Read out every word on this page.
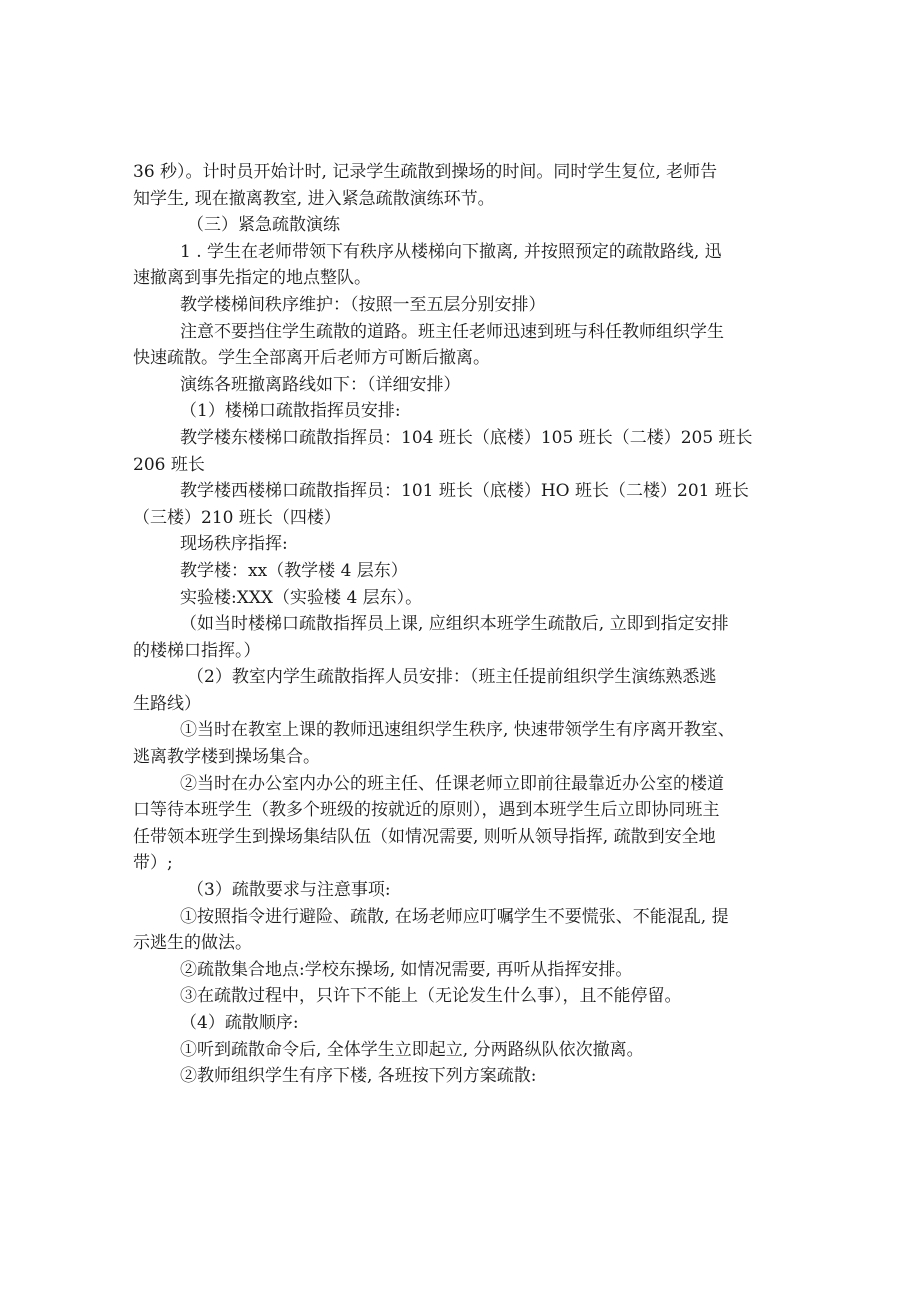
36 秒）。计时员开始计时, 记录学生疏散到操场的时间。同时学生复位, 老师告
知学生, 现在撤离教室, 进入紧急疏散演练环节。
（三）紧急疏散演练
1 . 学生在老师带领下有秩序从楼梯向下撤离, 并按照预定的疏散路线, 迅
速撤离到事先指定的地点整队。
教学楼梯间秩序维护：（按照一至五层分别安排）
注意不要挡住学生疏散的道路。班主任老师迅速到班与科任教师组织学生
快速疏散。学生全部离开后老师方可断后撤离。
演练各班撤离路线如下：（详细安排）
（1）楼梯口疏散指挥员安排:
教学楼东楼梯口疏散指挥员：104 班长（底楼）105 班长（二楼）205 班长
206 班长
教学楼西楼梯口疏散指挥员：101 班长（底楼）HO 班长（二楼）201 班长
（三楼）210 班长（四楼）
现场秩序指挥:
教学楼：xx（教学楼 4 层东）
实验楼:XXX（实验楼 4 层东）。
（如当时楼梯口疏散指挥员上课, 应组织本班学生疏散后, 立即到指定安排
的楼梯口指挥。）
（2）教室内学生疏散指挥人员安排：（班主任提前组织学生演练熟悉逃
生路线）
①当时在教室上课的教师迅速组织学生秩序, 快速带领学生有序离开教室、
逃离教学楼到操场集合。
②当时在办公室内办公的班主任、任课老师立即前往最靠近办公室的楼道
口等待本班学生（教多个班级的按就近的原则），遇到本班学生后立即协同班主
任带领本班学生到操场集结队伍（如情况需要, 则听从领导指挥, 疏散到安全地
带）;
（3）疏散要求与注意事项:
①按照指令进行避险、疏散, 在场老师应叮嘱学生不要慌张、不能混乱, 提
示逃生的做法。
②疏散集合地点:学校东操场, 如情况需要, 再听从指挥安排。
③在疏散过程中，只许下不能上（无论发生什么事），且不能停留。
（4）疏散顺序:
①听到疏散命令后, 全体学生立即起立, 分两路纵队依次撤离。
②教师组织学生有序下楼, 各班按下列方案疏散:
